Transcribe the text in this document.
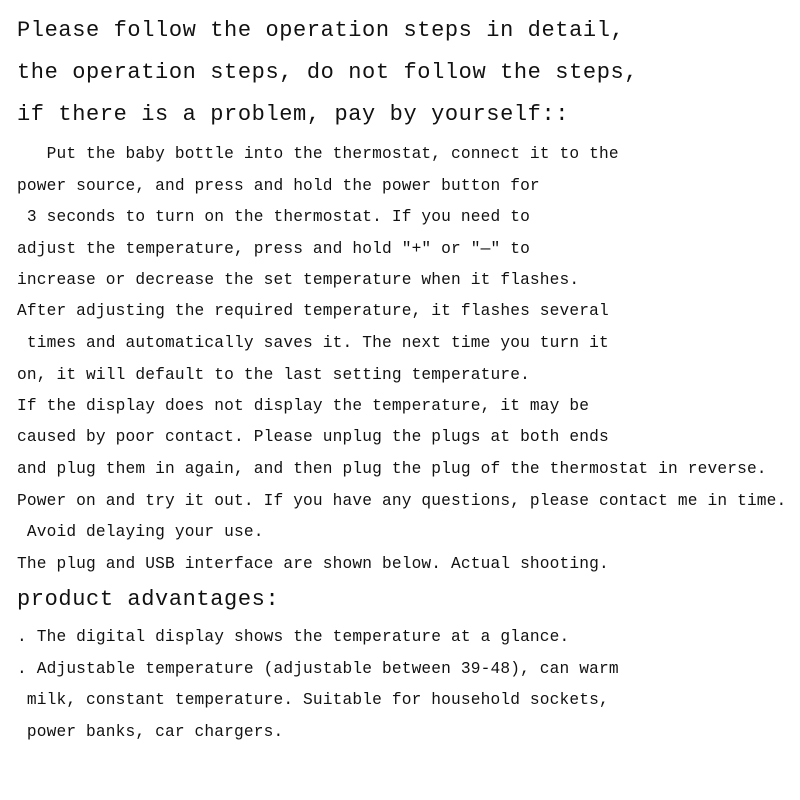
Please follow the operation steps in detail,
the operation steps, do not follow the steps,
if there is a problem, pay by yourself::
Put the baby bottle into the thermostat, connect it to the
power source, and press and hold the power button for
3 seconds to turn on the thermostat. If you need to
adjust the temperature, press and hold "+" or "—" to
increase or decrease the set temperature when it flashes.
After adjusting the required temperature, it flashes several
times and automatically saves it. The next time you turn it
on, it will default to the last setting temperature.
If the display does not display the temperature, it may be
caused by poor contact. Please unplug the plugs at both ends
and plug them in again, and then plug the plug of the thermostat in reverse.
Power on and try it out. If you have any questions, please contact me in time.
Avoid delaying your use.
The plug and USB interface are shown below. Actual shooting.
product advantages:
. The digital display shows the temperature at a glance.
. Adjustable temperature (adjustable between 39-48), can warm
milk, constant temperature. Suitable for household sockets,
power banks, car chargers.
